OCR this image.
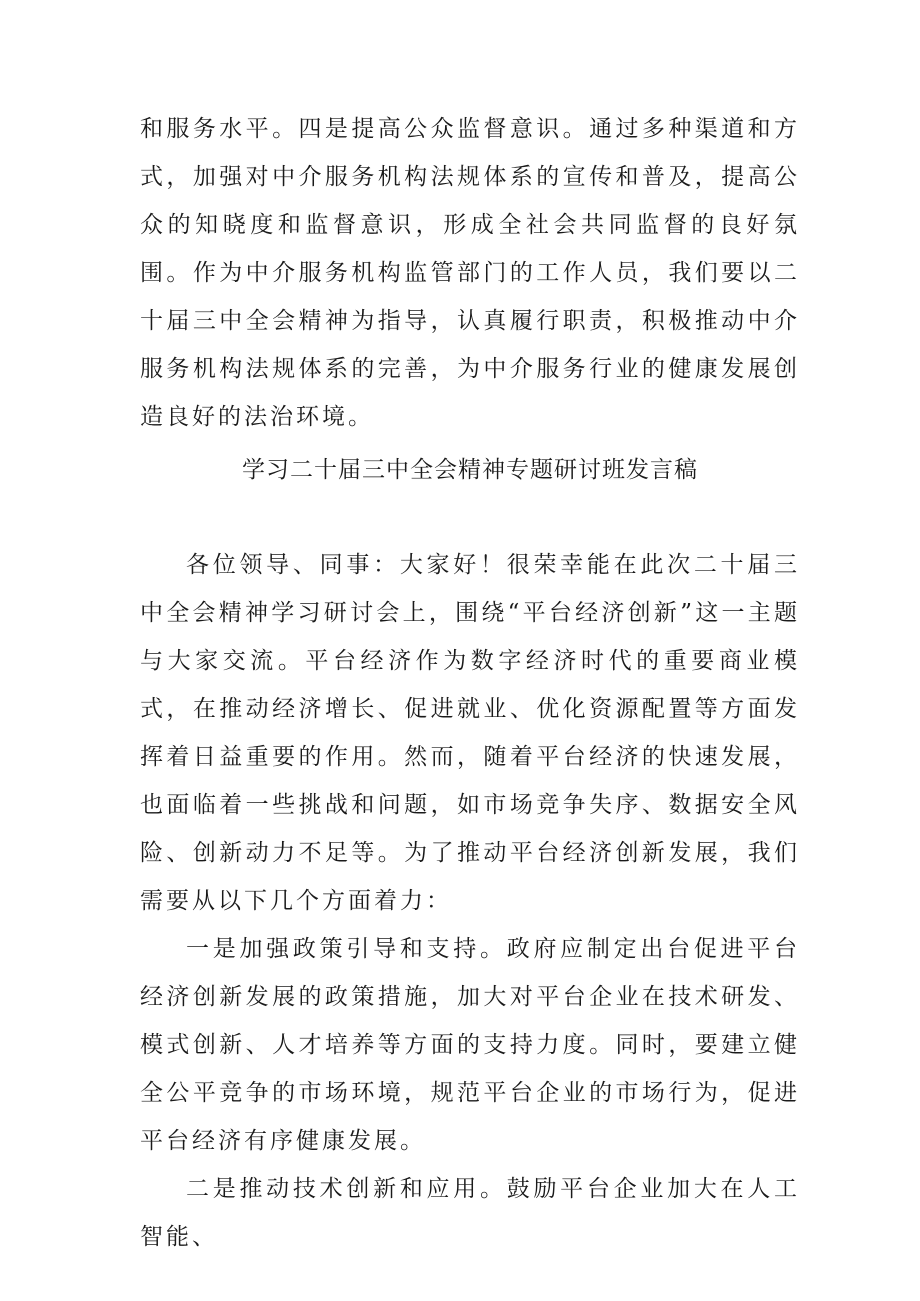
和服务水平。四是提高公众监督意识。通过多种渠道和方式，加强对中介服务机构法规体系的宣传和普及，提高公众的知晓度和监督意识，形成全社会共同监督的良好氛围。作为中介服务机构监管部门的工作人员，我们要以二十届三中全会精神为指导，认真履行职责，积极推动中介服务机构法规体系的完善，为中介服务行业的健康发展创造良好的法治环境。

学习二十届三中全会精神专题研讨班发言稿

各位领导、同事：大家好！很荣幸能在此次二十届三中全会精神学习研讨会上，围绕“平台经济创新”这一主题与大家交流。平台经济作为数字经济时代的重要商业模式，在推动经济增长、促进就业、优化资源配置等方面发挥着日益重要的作用。然而，随着平台经济的快速发展，也面临着一些挑战和问题，如市场竞争失序、数据安全风险、创新动力不足等。为了推动平台经济创新发展，我们需要从以下几个方面着力：

一是加强政策引导和支持。政府应制定出台促进平台经济创新发展的政策措施，加大对平台企业在技术研发、模式创新、人才培养等方面的支持力度。同时，要建立健全公平竞争的市场环境，规范平台企业的市场行为，促进平台经济有序健康发展。

二是推动技术创新和应用。鼓励平台企业加大在人工智能、
